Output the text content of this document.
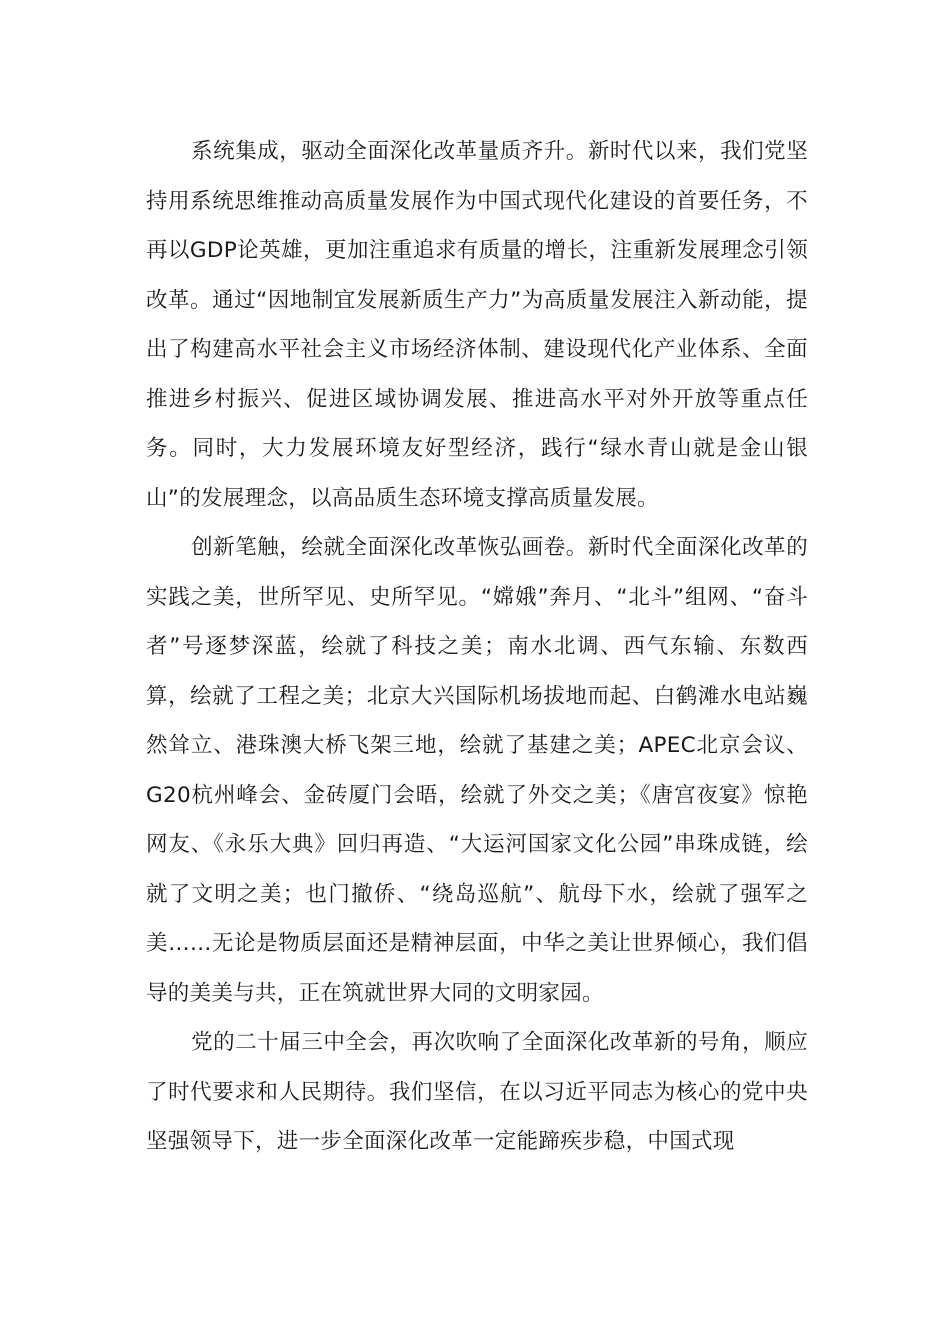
系统集成，驱动全面深化改革量质齐升。新时代以来，我们党坚持用系统思维推动高质量发展作为中国式现代化建设的首要任务，不再以GDP论英雄，更加注重追求有质量的增长，注重新发展理念引领改革。通过“因地制宜发展新质生产力”为高质量发展注入新动能，提出了构建高水平社会主义市场经济体制、建设现代化产业体系、全面推进乡村振兴、促进区域协调发展、推进高水平对外开放等重点任务。同时，大力发展环境友好型经济，践行“绿水青山就是金山银山”的发展理念，以高品质生态环境支撑高质量发展。

创新笔触，绘就全面深化改革恢弘画卷。新时代全面深化改革的实践之美，世所罕见、史所罕见。“嫦娥”奔月、“北斗”组网、“奋斗者”号逐梦深蓝，绘就了科技之美；南水北调、西气东输、东数西算，绘就了工程之美；北京大兴国际机场拔地而起、白鹤滩水电站巍然耸立、港珠澳大桥飞架三地，绘就了基建之美；APEC北京会议、G20杭州峰会、金砖厦门会晤，绘就了外交之美；《唐宫夜宴》惊艳网友、《永乐大典》回归再造、“大运河国家文化公园”串珠成链，绘就了文明之美；也门撤侨、“绕岛巡航”、航母下水，绘就了强军之美……无论是物质层面还是精神层面，中华之美让世界倾心，我们倡导的美美与共，正在筑就世界大同的文明家园。

党的二十届三中全会，再次吹响了全面深化改革新的号角，顺应了时代要求和人民期待。我们坚信，在以习近平同志为核心的党中央坚强领导下，进一步全面深化改革一定能蹄疾步稳，中国式现
